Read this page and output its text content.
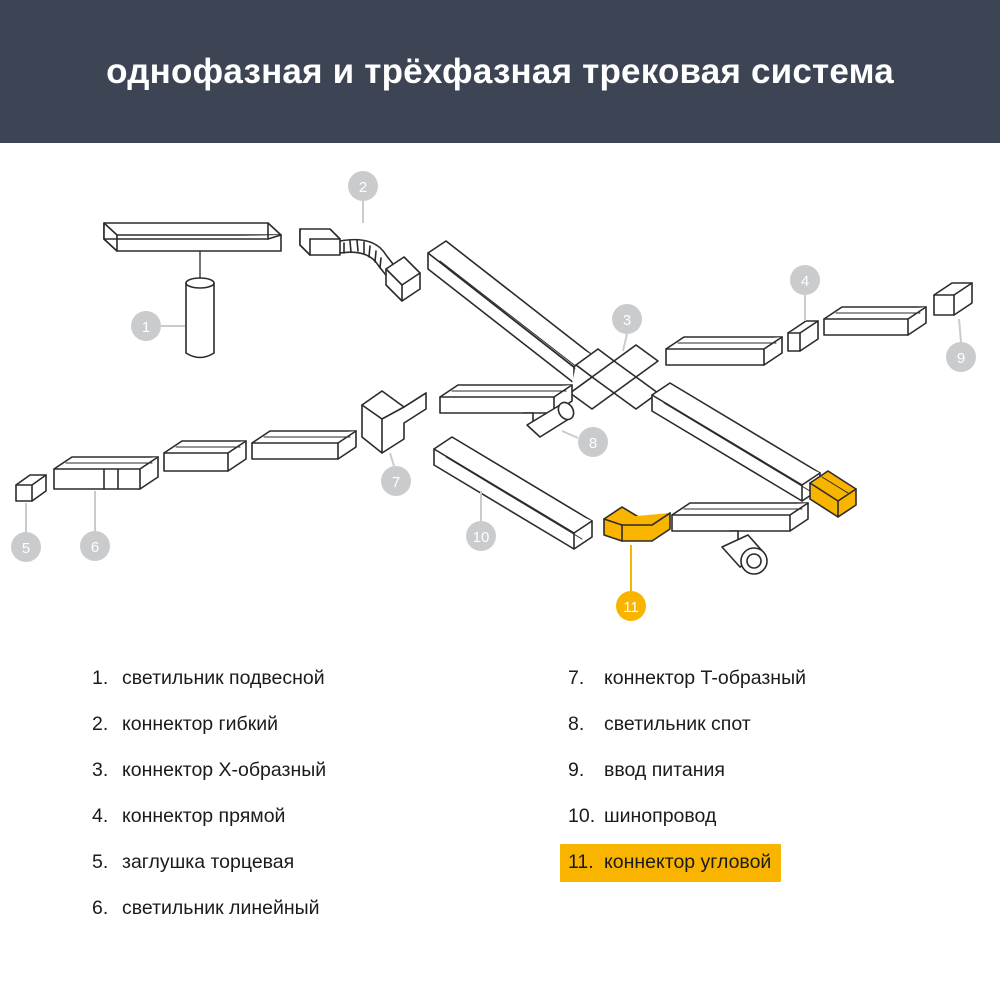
однофазная и трёхфазная трековая система
1
2
3
4
5	6
7
8
9
10
11
1. светильник подвесной
2. коннектор гибкий
3. коннектор X-образный
4. коннектор прямой
5. заглушка торцевая
6. светильник линейный
7.	коннектор T-образный
8.	светильник спот
9.	ввод питания
10. шинопровод
11. коннектор угловой
